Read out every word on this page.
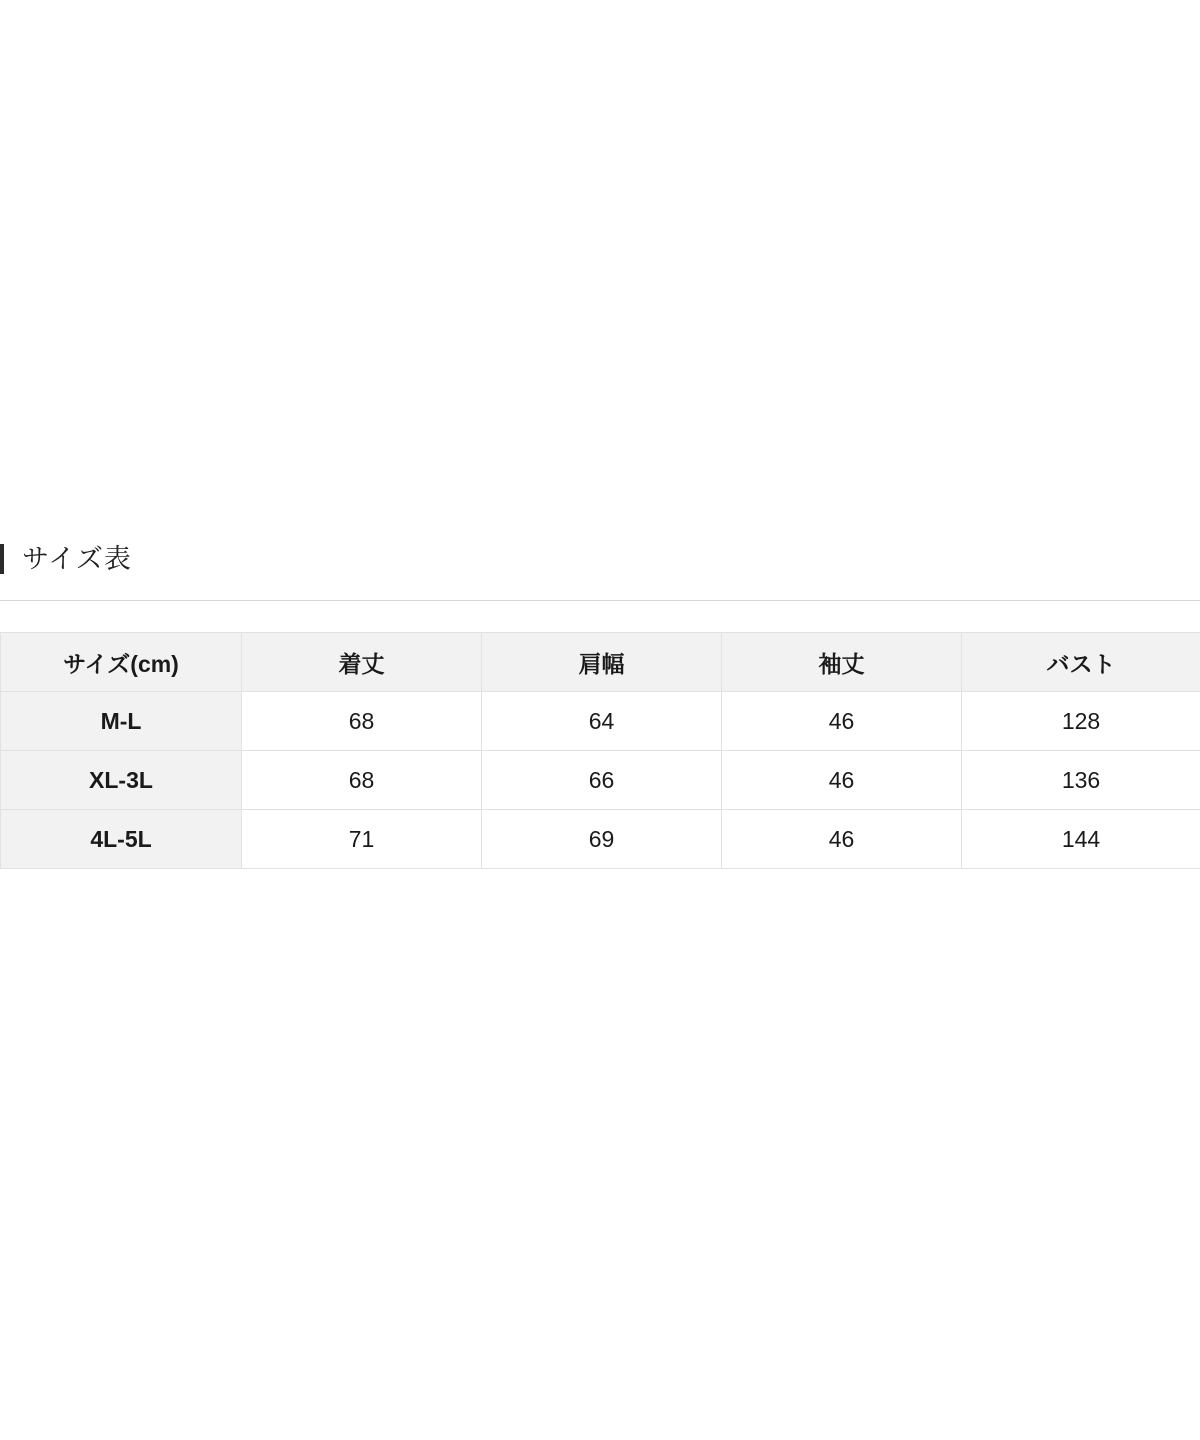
サイズ表
サイズ(cm)	着丈	肩幅	袖丈	バスト
M-L	68	64	46	128
XL-3L	68	66	46	136
4L-5L	71	69	46	144
